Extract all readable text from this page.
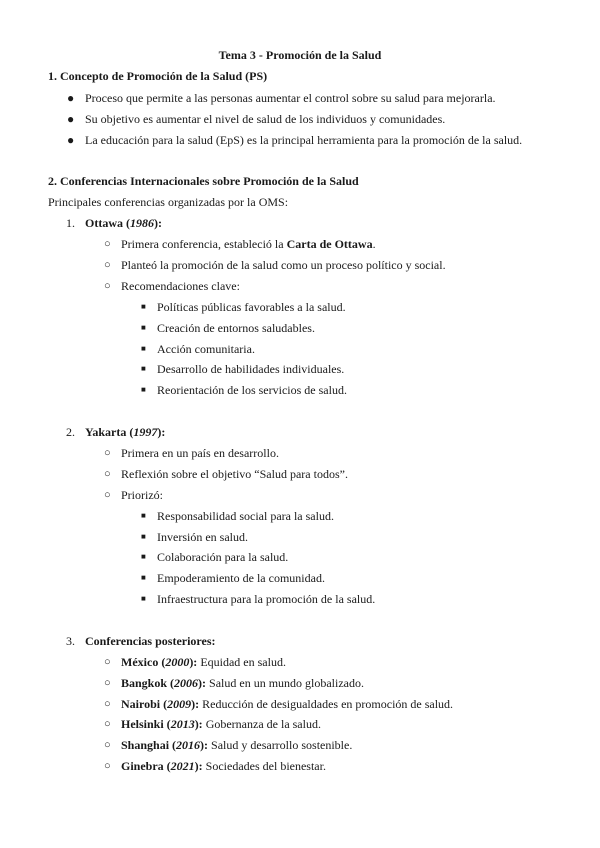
Tema 3 - Promoción de la Salud
1. Concepto de Promoción de la Salud (PS)
● Proceso que permite a las personas aumentar el control sobre su salud para mejorarla.
● Su objetivo es aumentar el nivel de salud de los individuos y comunidades.
● La educación para la salud (EpS) es la principal herramienta para la promoción de la salud.
2. Conferencias Internacionales sobre Promoción de la Salud
Principales conferencias organizadas por la OMS:
1. Ottawa (1986):
○ Primera conferencia, estableció la Carta de Ottawa.
○ Planteó la promoción de la salud como un proceso político y social.
○ Recomendaciones clave:
■ Políticas públicas favorables a la salud.
■ Creación de entornos saludables.
■ Acción comunitaria.
■ Desarrollo de habilidades individuales.
■ Reorientación de los servicios de salud.
2. Yakarta (1997):
○ Primera en un país en desarrollo.
○ Reflexión sobre el objetivo “Salud para todos”.
○ Priorizó:
■ Responsabilidad social para la salud.
■ Inversión en salud.
■ Colaboración para la salud.
■ Empoderamiento de la comunidad.
■ Infraestructura para la promoción de la salud.
3. Conferencias posteriores:
○ México (2000): Equidad en salud.
○ Bangkok (2006): Salud en un mundo globalizado.
○ Nairobi (2009): Reducción de desigualdades en promoción de salud.
○ Helsinki (2013): Gobernanza de la salud.
○ Shanghai (2016): Salud y desarrollo sostenible.
○ Ginebra (2021): Sociedades del bienestar.
